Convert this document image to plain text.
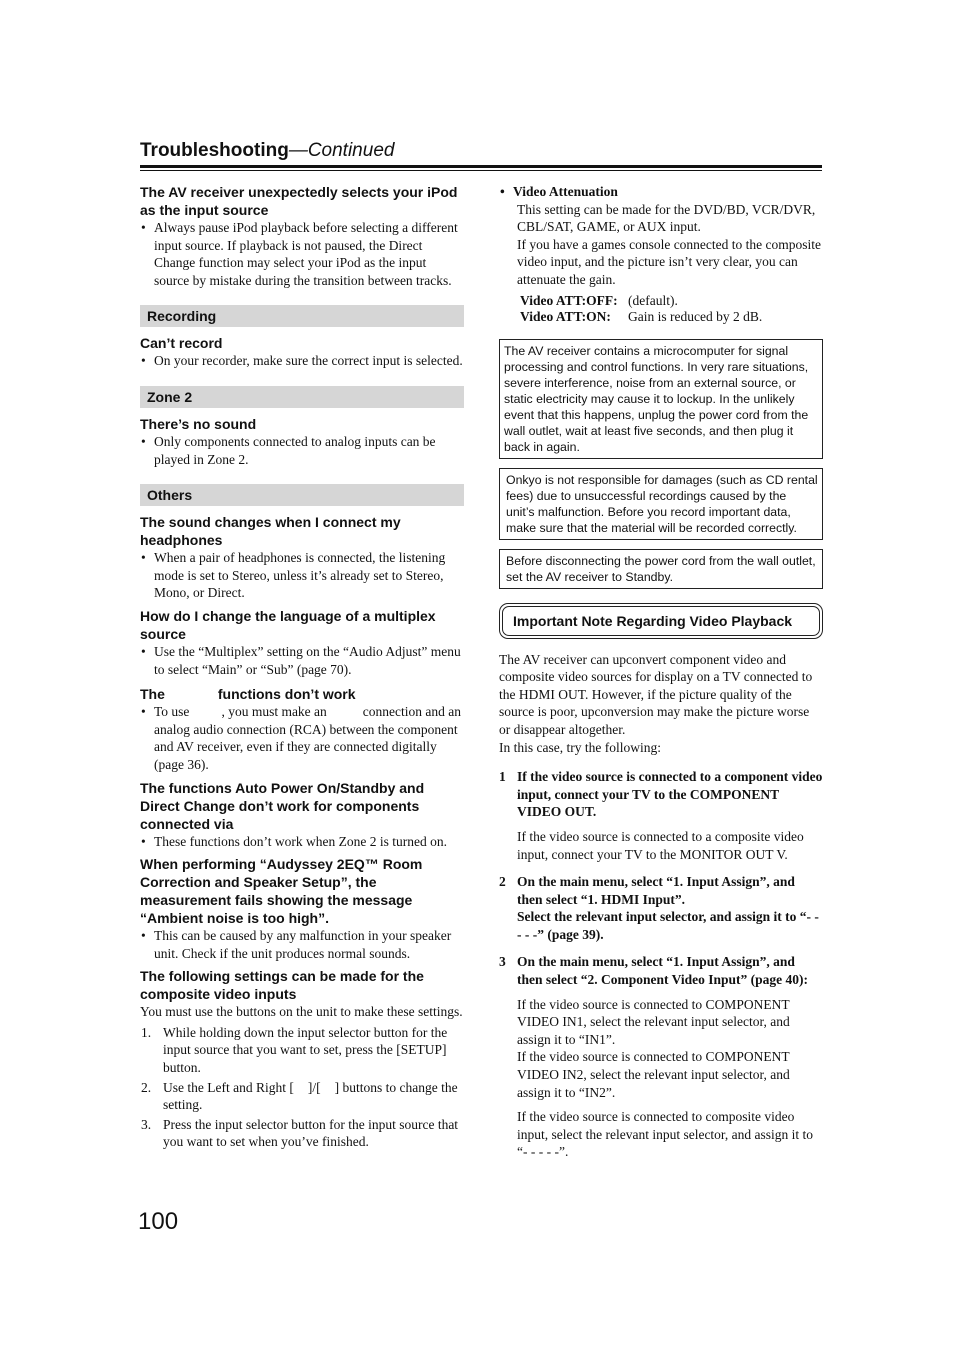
Troubleshooting—Continued

The AV receiver unexpectedly selects your iPod as the input source

• Always pause iPod playback before selecting a different input source. If playback is not paused, the Direct Change function may select your iPod as the input source by mistake during the transition between tracks.
Recording

Can’t record

• On your recorder, make sure the correct input is selected.
Zone 2

There’s no sound

• Only components connected to analog inputs can be played in Zone 2.
Others

The sound changes when I connect my headphones

• When a pair of headphones is connected, the listening mode is set to Stereo, unless it’s already set to Stereo, Mono, or Direct.

How do I change the language of a multiplex source

• Use the “Multiplex” setting on the “Audio Adjust” menu to select “Main” or “Sub” (page 70).

The	functions don’t work

• To use , you must make an	connection and an analog audio connection (RCA) between the component and AV receiver, even if they are connected digitally (page 36).

The functions Auto Power On/Standby and Direct Change don’t work for components connected via

• These functions don’t work when Zone 2 is turned on.

When performing “Audyssey 2EQ™ Room Correction and Speaker Setup”, the measurement fails showing the message “Ambient noise is too high”.

• This can be caused by any malfunction in your speaker unit. Check if the unit produces normal sounds.

The following settings can be made for the composite video inputs

You must use the buttons on the unit to make these settings.

1. While holding down the input selector button for the input source that you want to set, press the [SETUP] button.
2. Use the Left and Right [ ]/[ ] buttons to change the setting.
3. Press the input selector button for the input source that you want to set when you’ve finished.
• Video Attenuation

This setting can be made for the DVD/BD, VCR/DVR, CBL/SAT, GAME, or AUX input.

If you have a games console connected to the composite video input, and the picture isn’t very clear, you can attenuate the gain.

Video ATT:OFF: (default).
Video ATT:ON:	Gain is reduced by 2 dB.
The AV receiver contains a microcomputer for signal processing and control functions. In very rare situations, severe interference, noise from an external source, or static electricity may cause it to lockup. In the unlikely event that this happens, unplug the power cord from the wall outlet, wait at least five seconds, and then plug it back in again.
Onkyo is not responsible for damages (such as CD rental fees) due to unsuccessful recordings caused by the unit’s malfunction. Before you record important data, make sure that the material will be recorded correctly.
Before disconnecting the power cord from the wall outlet, set the AV receiver to Standby.
Important Note Regarding Video Playback

The AV receiver can upconvert component video and composite video sources for display on a TV connected to the HDMI OUT. However, if the picture quality of the source is poor, upconversion may make the picture worse or disappear altogether.

In this case, try the following:

1 If the video source is connected to a component video input, connect your TV to the COMPONENT VIDEO OUT.
If the video source is connected to a composite video input, connect your TV to the MONITOR OUT V.
2 On the main menu, select “1. Input Assign”, and then select “1. HDMI Input”.
Select the relevant input selector, and assign it to “- - - - -” (page 39).
3 On the main menu, select “1. Input Assign”, and then select “2. Component Video Input” (page 40):
If the video source is connected to COMPONENT VIDEO IN1, select the relevant input selector, and assign it to “IN1”.
If the video source is connected to COMPONENT VIDEO IN2, select the relevant input selector, and assign it to “IN2”.
If the video source is connected to composite video input, select the relevant input selector, and assign it to “- - - - -”.
100
